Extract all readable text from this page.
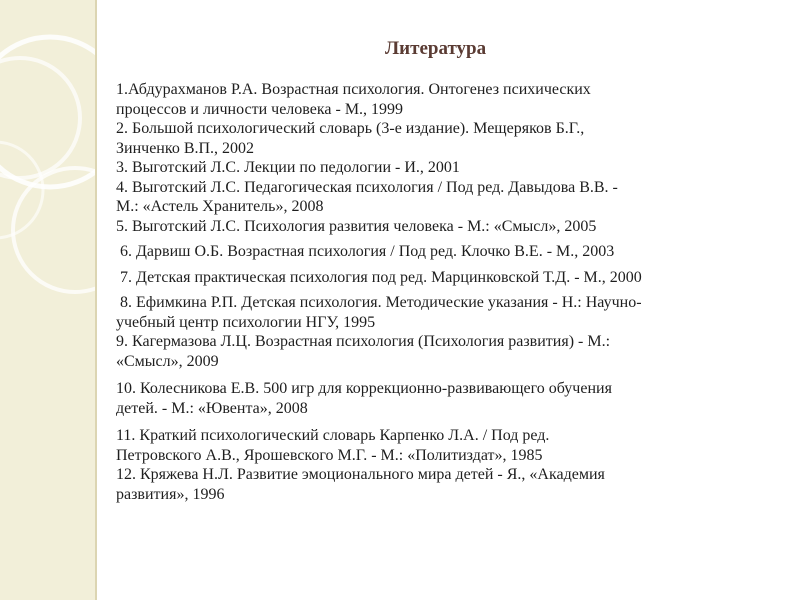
Литература

1.Абдурахманов Р.А. Возрастная психология. Онтогенез психических
процессов и личности человека - М., 1999

2. Большой психологический словарь (3-е издание). Мещеряков Б.Г.,
Зинченко В.П., 2002

3. Выготский Л.С. Лекции по педологии - И., 2001

4. Выготский Л.С. Педагогическая психология / Под ред. Давыдова В.В. -
М.: «Астель Хранитель», 2008

5. Выготский Л.С. Психология развития человека - М.: «Смысл», 2005

6. Дарвиш О.Б. Возрастная психология / Под ред. Клочко В.Е. - М., 2003

7. Детская практическая психология под ред. Марцинковской Т.Д. - М., 2000

8. Ефимкина Р.П. Детская психология. Методические указания - Н.: Научно-
учебный центр психологии НГУ, 1995

9. Кагермазова Л.Ц. Возрастная психология (Психология развития) - М.:
«Смысл», 2009

10. Колесникова Е.В. 500 игр для коррекционно-развивающего обучения
детей. - М.: «Ювента», 2008

11. Краткий психологический словарь Карпенко Л.А. / Под ред.
Петровского А.В., Ярошевского М.Г. - М.: «Политиздат», 1985

12. Кряжева Н.Л. Развитие эмоционального мира детей - Я., «Академия
развития», 1996
